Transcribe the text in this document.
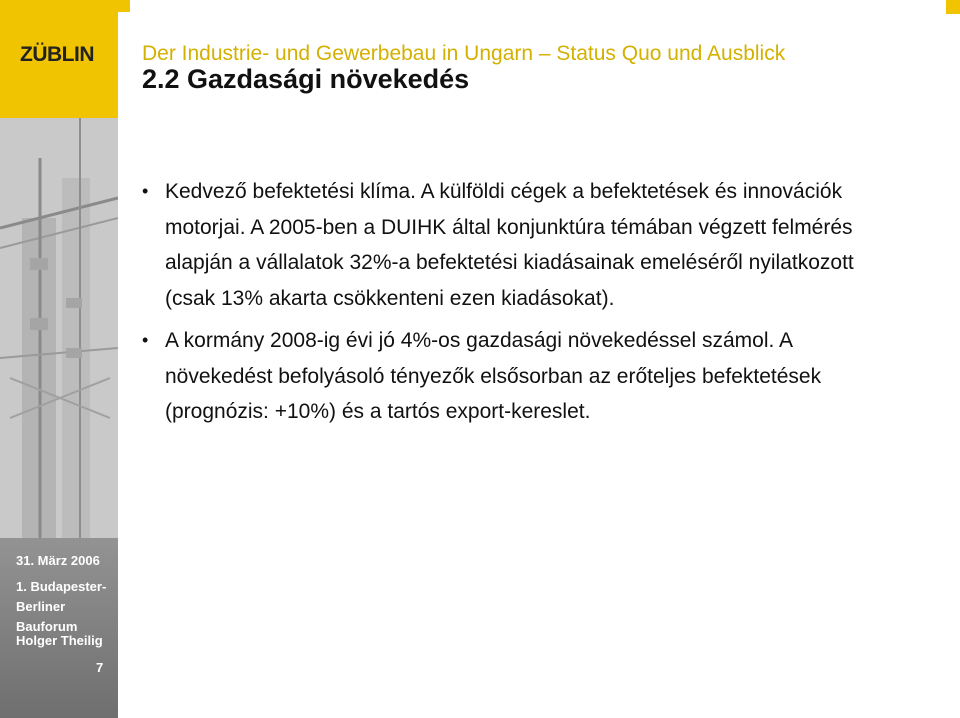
ZÜBLIN
31. März 2006
1. Budapester-
Berliner
Bauforum
Holger Theilig
7
Der Industrie- und Gewerbebau in Ungarn – Status Quo und Ausblick
2.2 Gazdasági növekedés
• Kedvező befektetési klíma. A külföldi cégek a befektetések és innovációk motorjai. A 2005-ben a DUIHK által konjunktúra témában végzett felmérés alapján a vállalatok 32%-a befektetési kiadásainak emeléséről nyilatkozott (csak 13% akarta csökkenteni ezen kiadásokat).
• A kormány 2008-ig évi jó 4%-os gazdasági növekedéssel számol. A növekedést befolyásoló tényezők elsősorban az erőteljes befektetések (prognózis: +10%) és a tartós export-kereslet.
